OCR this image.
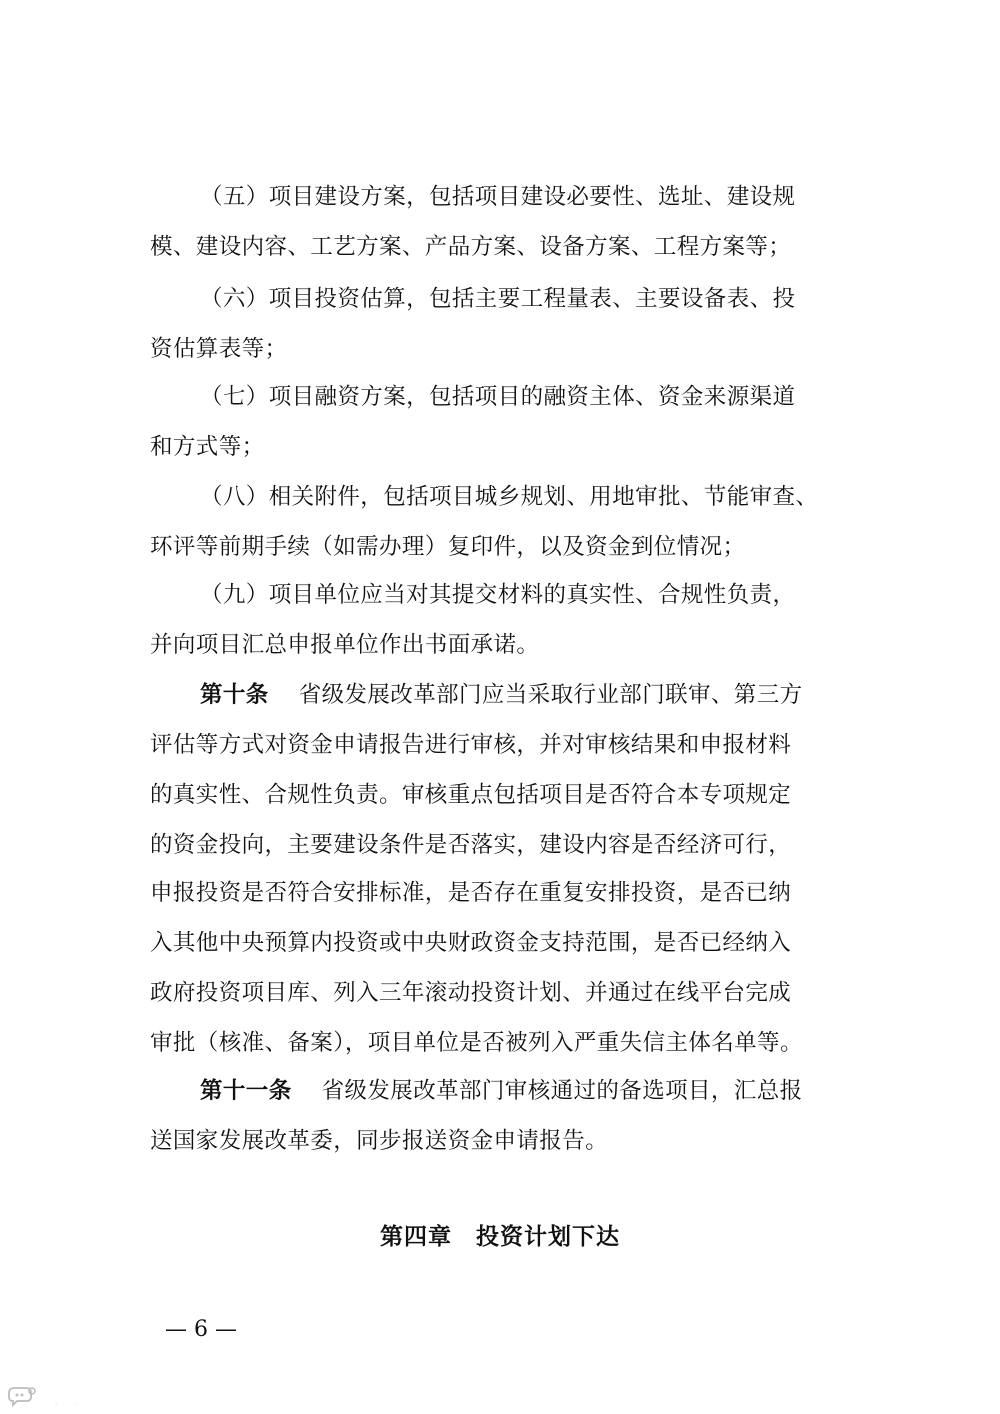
（五）项目建设方案，包括项目建设必要性、选址、建设规
模、建设内容、工艺方案、产品方案、设备方案、工程方案等；
（六）项目投资估算，包括主要工程量表、主要设备表、投
资估算表等；
（七）项目融资方案，包括项目的融资主体、资金来源渠道
和方式等；
（八）相关附件，包括项目城乡规划、用地审批、节能审查、
环评等前期手续（如需办理）复印件，以及资金到位情况；
（九）项目单位应当对其提交材料的真实性、合规性负责，
并向项目汇总申报单位作出书面承诺。
第十条 省级发展改革部门应当采取行业部门联审、第三方
评估等方式对资金申请报告进行审核，并对审核结果和申报材料
的真实性、合规性负责。审核重点包括项目是否符合本专项规定
的资金投向，主要建设条件是否落实，建设内容是否经济可行，
申报投资是否符合安排标准，是否存在重复安排投资，是否已纳
入其他中央预算内投资或中央财政资金支持范围，是否已经纳入
政府投资项目库、列入三年滚动投资计划、并通过在线平台完成
审批（核准、备案），项目单位是否被列入严重失信主体名单等。
第十一条 省级发展改革部门审核通过的备选项目，汇总报
送国家发展改革委，同步报送资金申请报告。
第四章　投资计划下达
— 6 —
大数跨境
